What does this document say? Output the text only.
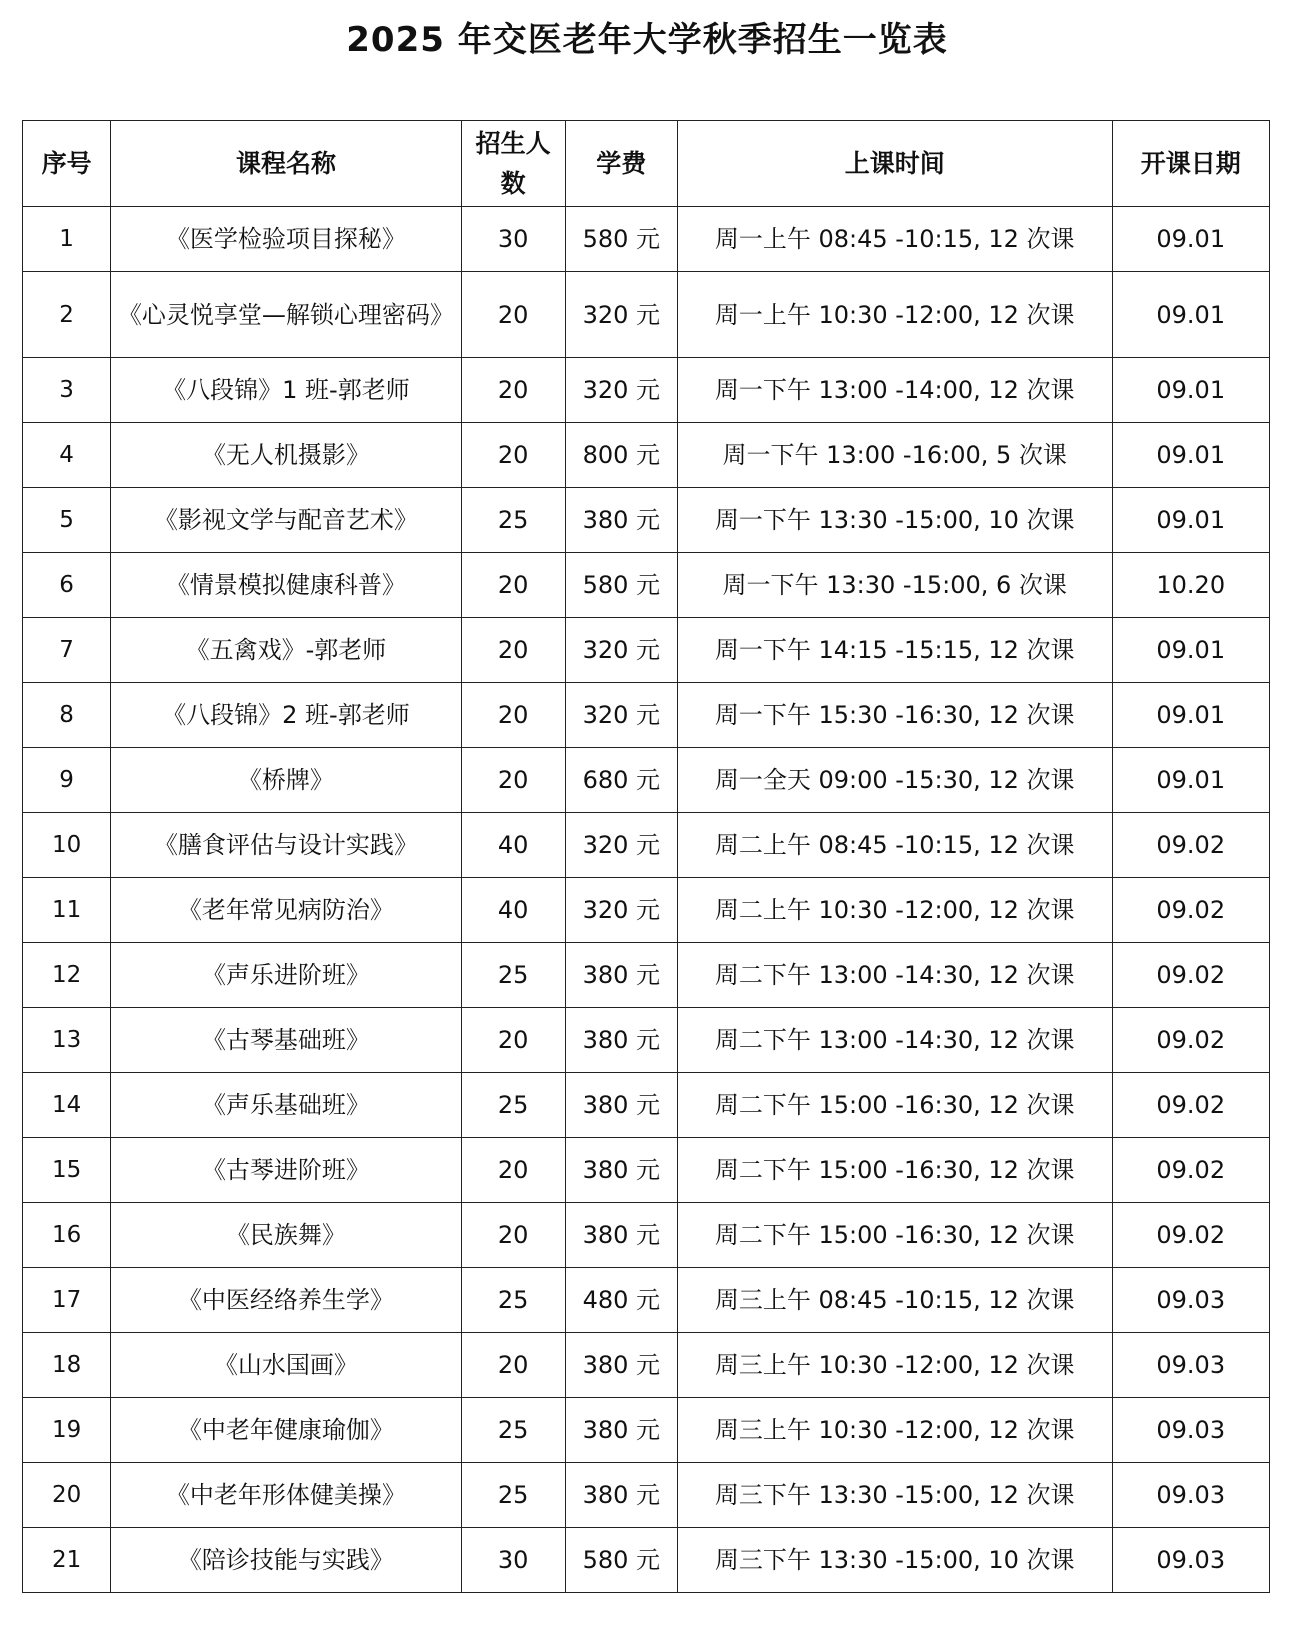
2025 年交医老年大学秋季招生一览表
序号	课程名称	招生人数	学费	上课时间	开课日期
1	《医学检验项目探秘》	30	580 元	周一上午 08:45 -10:15, 12 次课	09.01
2	《心灵悦享堂—解锁心理密码》	20	320 元	周一上午 10:30 -12:00, 12 次课	09.01
3	《八段锦》1 班-郭老师	20	320 元	周一下午 13:00 -14:00, 12 次课	09.01
4	《无人机摄影》	20	800 元	周一下午 13:00 -16:00, 5 次课	09.01
5	《影视文学与配音艺术》	25	380 元	周一下午 13:30 -15:00, 10 次课	09.01
6	《情景模拟健康科普》	20	580 元	周一下午 13:30 -15:00, 6 次课	10.20
7	《五禽戏》-郭老师	20	320 元	周一下午 14:15 -15:15, 12 次课	09.01
8	《八段锦》2 班-郭老师	20	320 元	周一下午 15:30 -16:30, 12 次课	09.01
9	《桥牌》	20	680 元	周一全天 09:00 -15:30, 12 次课	09.01
10	《膳食评估与设计实践》	40	320 元	周二上午 08:45 -10:15, 12 次课	09.02
11	《老年常见病防治》	40	320 元	周二上午 10:30 -12:00, 12 次课	09.02
12	《声乐进阶班》	25	380 元	周二下午 13:00 -14:30, 12 次课	09.02
13	《古琴基础班》	20	380 元	周二下午 13:00 -14:30, 12 次课	09.02
14	《声乐基础班》	25	380 元	周二下午 15:00 -16:30, 12 次课	09.02
15	《古琴进阶班》	20	380 元	周二下午 15:00 -16:30, 12 次课	09.02
16	《民族舞》	20	380 元	周二下午 15:00 -16:30, 12 次课	09.02
17	《中医经络养生学》	25	480 元	周三上午 08:45 -10:15, 12 次课	09.03
18	《山水国画》	20	380 元	周三上午 10:30 -12:00, 12 次课	09.03
19	《中老年健康瑜伽》	25	380 元	周三上午 10:30 -12:00, 12 次课	09.03
20	《中老年形体健美操》	25	380 元	周三下午 13:30 -15:00, 12 次课	09.03
21	《陪诊技能与实践》	30	580 元	周三下午 13:30 -15:00, 10 次课	09.03
